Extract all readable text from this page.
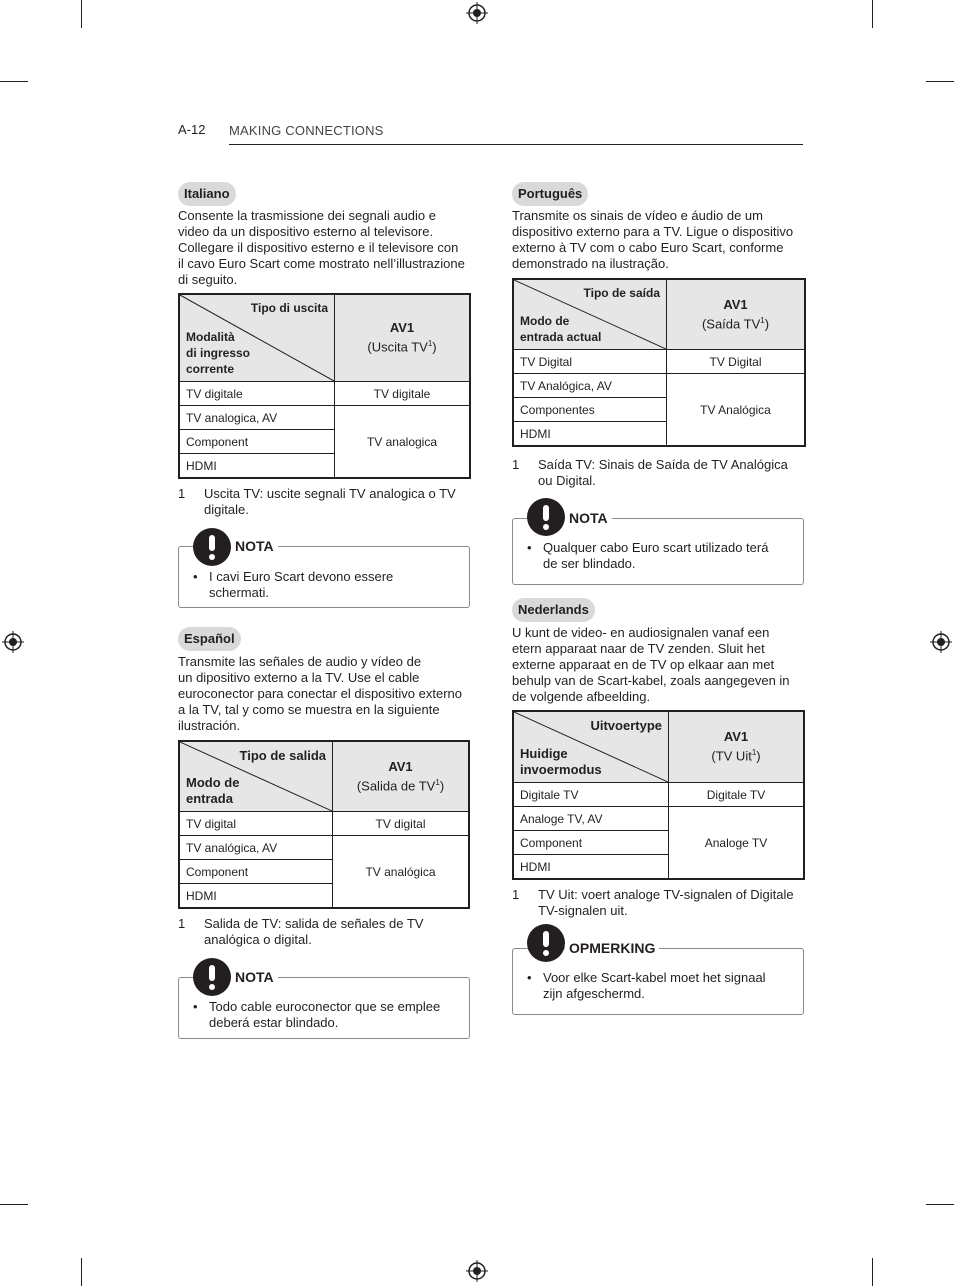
A-12 MAKING CONNECTIONS
Italiano
Consente la trasmissione dei segnali audio e
video da un dispositivo esterno al televisore.
Collegare il dispositivo esterno e il televisore con
il cavo Euro Scart come mostrato nell’illustrazione
di seguito.
Tipo di uscita
Modalità
di ingresso
corrente	AV1
(Uscita $TV^1$)
TV digitale	TV digitale
TV analogica, AV	TV analogica
Component	
HDMI	
1 Uscita TV: uscite segnali TV analogica o TV
digitale.
NOTA
• I cavi Euro Scart devono essere
schermati.
Español
Transmite las señales de audio y vídeo de
un dipositivo externo a la TV. Use el cable
euroconector para conectar el dispositivo externo
a la TV, tal y como se muestra en la siguiente
ilustración.
Tipo de salida
Modo de
entrada	AV1
(Salida de $TV^1$)
TV digital	TV digital
TV analógica, AV	TV analógica
Component	
HDMI	
1 Salida de TV: salida de señales de TV
analógica o digital.
NOTA
• Todo cable euroconector que se emplee
deberá estar blindado.
Português
Transmite os sinais de vídeo e áudio de um
dispositivo externo para a TV. Ligue o dispositivo
externo à TV com o cabo Euro Scart, conforme
demonstrado na ilustração.
Tipo de saída
Modo de
entrada actual	AV1
(Saída $TV^1$)
TV Digital	TV Digital
TV Analógica, AV	TV Analógica
Componentes	
HDMI	
1 Saída TV: Sinais de Saída de TV Analógica
ou Digital.
NOTA
• Qualquer cabo Euro scart utilizado terá
de ser blindado.
Nederlands
U kunt de video- en audiosignalen vanaf een
etern apparaat naar de TV zenden. Sluit het
externe apparaat en de TV op elkaar aan met
behulp van de Scart-kabel, zoals aangegeven in
de volgende afbeelding.
Uitvoertype
Huidige
invoermodus	AV1
(TV Uit$^1$)
Digitale TV	Digitale TV
Analoge TV, AV	Analoge TV
Component	
HDMI	
1 TV Uit: voert analoge TV-signalen of Digitale
TV-signalen uit.
OPMERKING
• Voor elke Scart-kabel moet het signaal
zijn afgeschermd.
